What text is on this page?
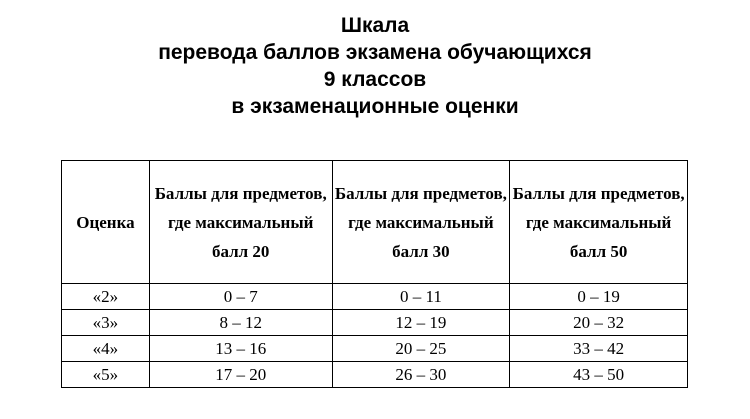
Шкала
перевода баллов экзамена обучающихся
9 классов
в экзаменационные оценки
Оценка	Баллы для предметов, где максимальный балл 20	Баллы для предметов, где максимальный балл 30	Баллы для предметов, где максимальный балл 50
«2»	0 – 7	0 – 11	0 – 19
«3»	8 – 12	12 – 19	20 – 32
«4»	13 – 16	20 – 25	33 – 42
«5»	17 – 20	26 – 30	43 – 50
